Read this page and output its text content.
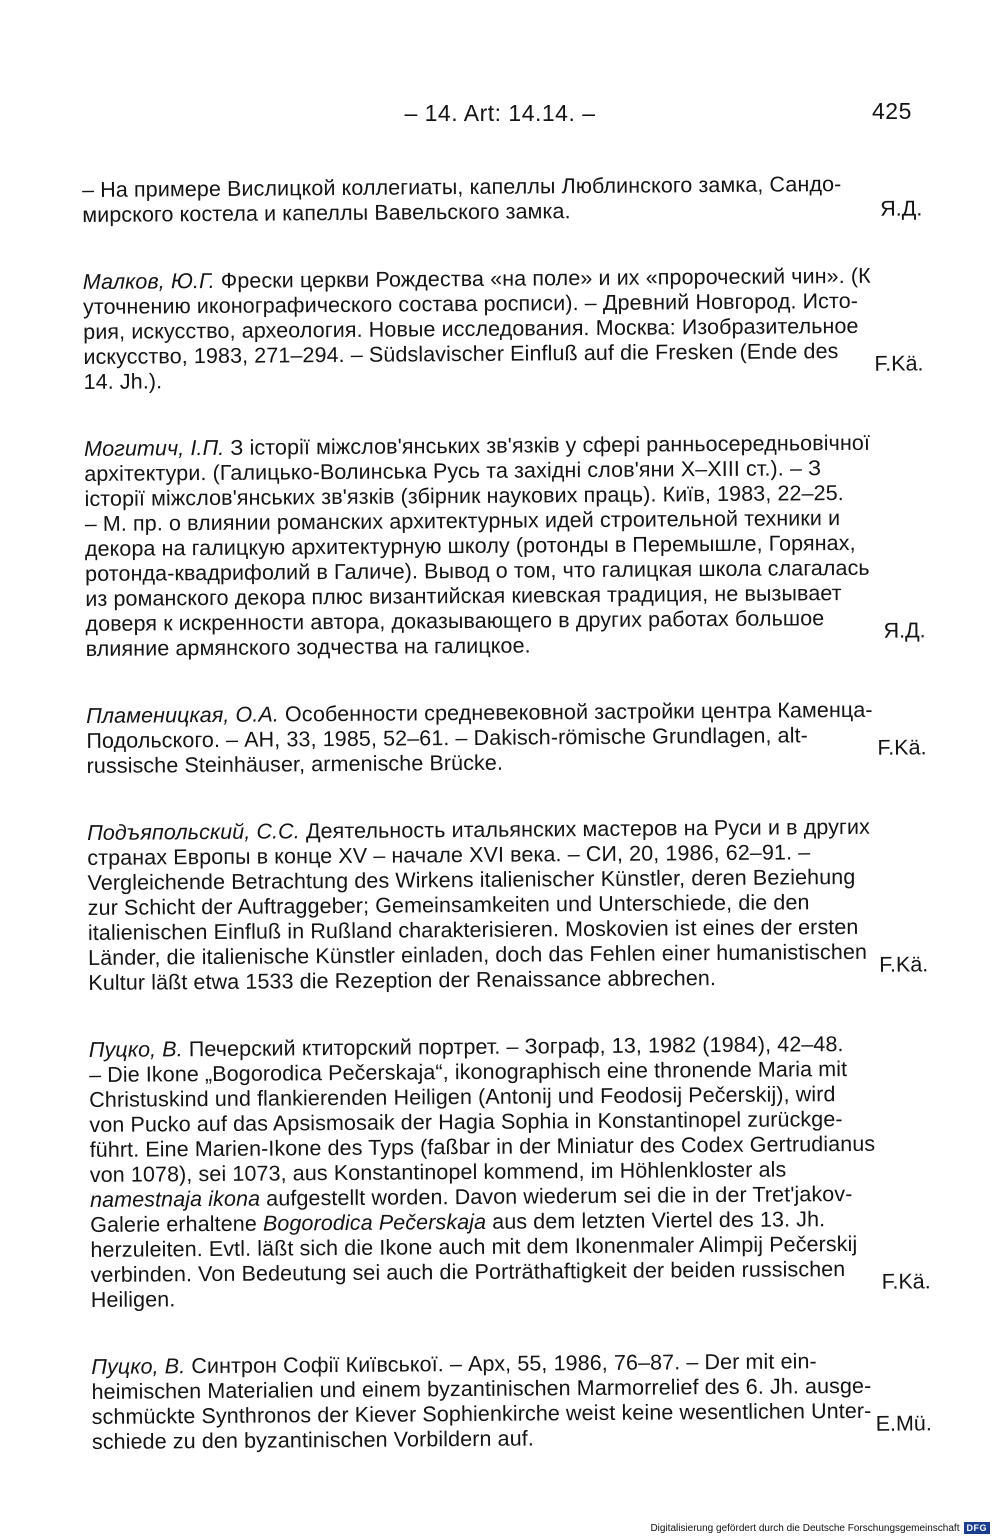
– 14. Art: 14.14. –	425
– На примере Вислицкой коллегиаты, капеллы Люблинского замка, Сандо-
мирского костела и капеллы Вавельского замка.	Я.Д.
Малков, Ю.Г. Фрески церкви Рождества «на поле» и их «пророческий чин». (К
уточнению иконографического состава росписи). – Древний Новгород. Исто-
рия, искусство, археология. Новые исследования. Москва: Изобразительное
искусство, 1983, 271–294. – Südslavischer Einfluß auf die Fresken (Ende des
14. Jh.).
F.Kä.
Могитич, І.П. З історії міжслов'янських зв'язків у сфері ранньосередньовічної
архітектури. (Галицько-Волинська Русь та західні слов'яни Х–ХIII ст.). – З
історії міжслов'янських зв'язків (збірник наукових праць). Київ, 1983, 22–25.
– М. пр. о влиянии романских архитектурных идей строительной техники и
декора на галицкую архитектурную школу (ротонды в Перемышле, Горянах,
ротонда-квадрифолий в Галиче). Вывод о том, что галицкая школа слагалась
из романского декора плюс византийская киевская традиция, не вызывает
доверя к искренности автора, доказывающего в других работах большое
влияние армянского зодчества на галицкое.
Я.Д.
Пламеницкая, О.А. Особенности средневековной застройки центра Каменца-
Подольского. – АН, 33, 1985, 52–61. – Dakisch-römische Grundlagen, alt-
russische Steinhäuser, armenische Brücke.
F.Kä.
Подъяпольский, С.С. Деятельность итальянских мастеров на Руси и в других
странах Европы в конце XV – начале XVI века. – СИ, 20, 1986, 62–91. –
Vergleichende Betrachtung des Wirkens italienischer Künstler, deren Beziehung
zur Schicht der Auftraggeber; Gemeinsamkeiten und Unterschiede, die den
italienischen Einfluß in Rußland charakterisieren. Moskovien ist eines der ersten
Länder, die italienische Künstler einladen, doch das Fehlen einer humanistischen
Kultur läßt etwa 1533 die Rezeption der Renaissance abbrechen.
F.Kä.
Пуцко, В. Печерский ктиторский портрет. – Зограф, 13, 1982 (1984), 42–48.
– Die Ikone „Bogorodica Pečerskaja“, ikonographisch eine thronende Maria mit
Christuskind und flankierenden Heiligen (Antonij und Feodosij Pečerskij), wird
von Pucko auf das Apsismosaik der Hagia Sophia in Konstantinopel zurückge-
führt. Eine Marien-Ikone des Typs (faßbar in der Miniatur des Codex Gertrudianus
von 1078), sei 1073, aus Konstantinopel kommend, im Höhlenkloster als
namestnaja ikona aufgestellt worden. Davon wiederum sei die in der Tret'jakov-
Galerie erhaltene Bogorodica Pečerskaja aus dem letzten Viertel des 13. Jh.
herzuleiten. Evtl. läßt sich die Ikone auch mit dem Ikonenmaler Alimpij Pečerskij
verbinden. Von Bedeutung sei auch die Porträthaftigkeit der beiden russischen
Heiligen.
F.Kä.
Пуцко, В. Синтрон Софії Київської. – Арх, 55, 1986, 76–87. – Der mit ein-
heimischen Materialien und einem byzantinischen Marmorrelief des 6. Jh. ausge-
schmückte Synthronos der Kiever Sophienkirche weist keine wesentlichen Unter-
schiede zu den byzantinischen Vorbildern auf.
E.Mü.
Digitalisierung gefördert durch die Deutsche Forschungsgemeinschaft DFG
